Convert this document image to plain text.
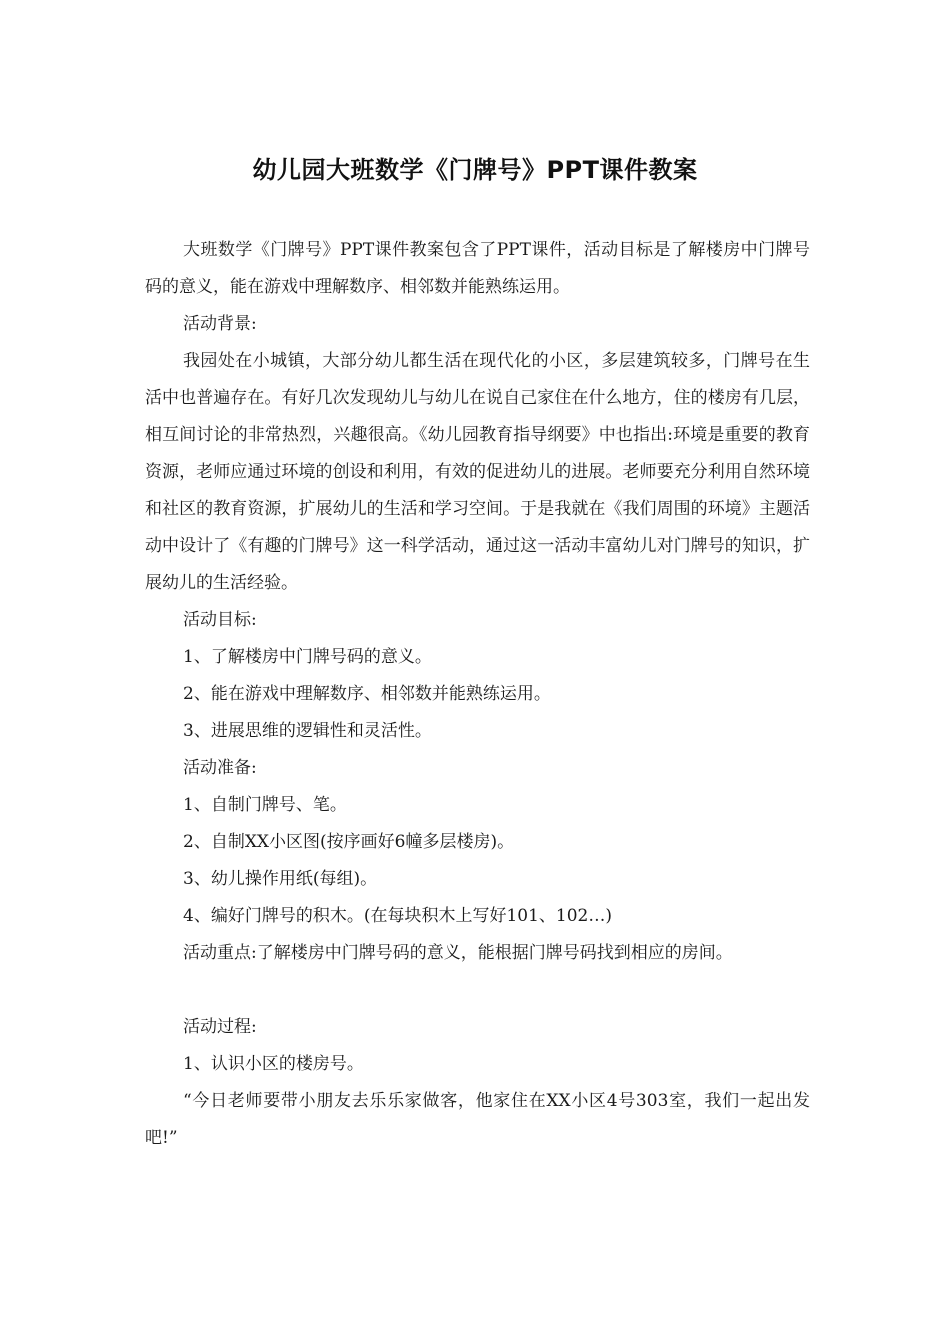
幼儿园大班数学《门牌号》PPT课件教案

大班数学《门牌号》PPT课件教案包含了PPT课件，活动目标是了解楼房中门牌号码的意义，能在游戏中理解数序、相邻数并能熟练运用。

活动背景:

我园处在小城镇，大部分幼儿都生活在现代化的小区，多层建筑较多，门牌号在生活中也普遍存在。有好几次发现幼儿与幼儿在说自己家住在什么地方，住的楼房有几层，相互间讨论的非常热烈，兴趣很高。《幼儿园教育指导纲要》中也指出:环境是重要的教育资源，老师应通过环境的创设和利用，有效的促进幼儿的进展。老师要充分利用自然环境和社区的教育资源，扩展幼儿的生活和学习空间。于是我就在《我们周围的环境》主题活动中设计了《有趣的门牌号》这一科学活动，通过这一活动丰富幼儿对门牌号的知识，扩展幼儿的生活经验。

活动目标:

1、了解楼房中门牌号码的意义。

2、能在游戏中理解数序、相邻数并能熟练运用。

3、进展思维的逻辑性和灵活性。

活动准备:

1、自制门牌号、笔。

2、自制XX小区图(按序画好6幢多层楼房)。

3、幼儿操作用纸(每组)。

4、编好门牌号的积木。(在每块积木上写好101、102…)

活动重点:了解楼房中门牌号码的意义，能根据门牌号码找到相应的房间。

活动过程:

1、认识小区的楼房号。

“今日老师要带小朋友去乐乐家做客，他家住在XX小区4号303室，我们一起出发吧!”
